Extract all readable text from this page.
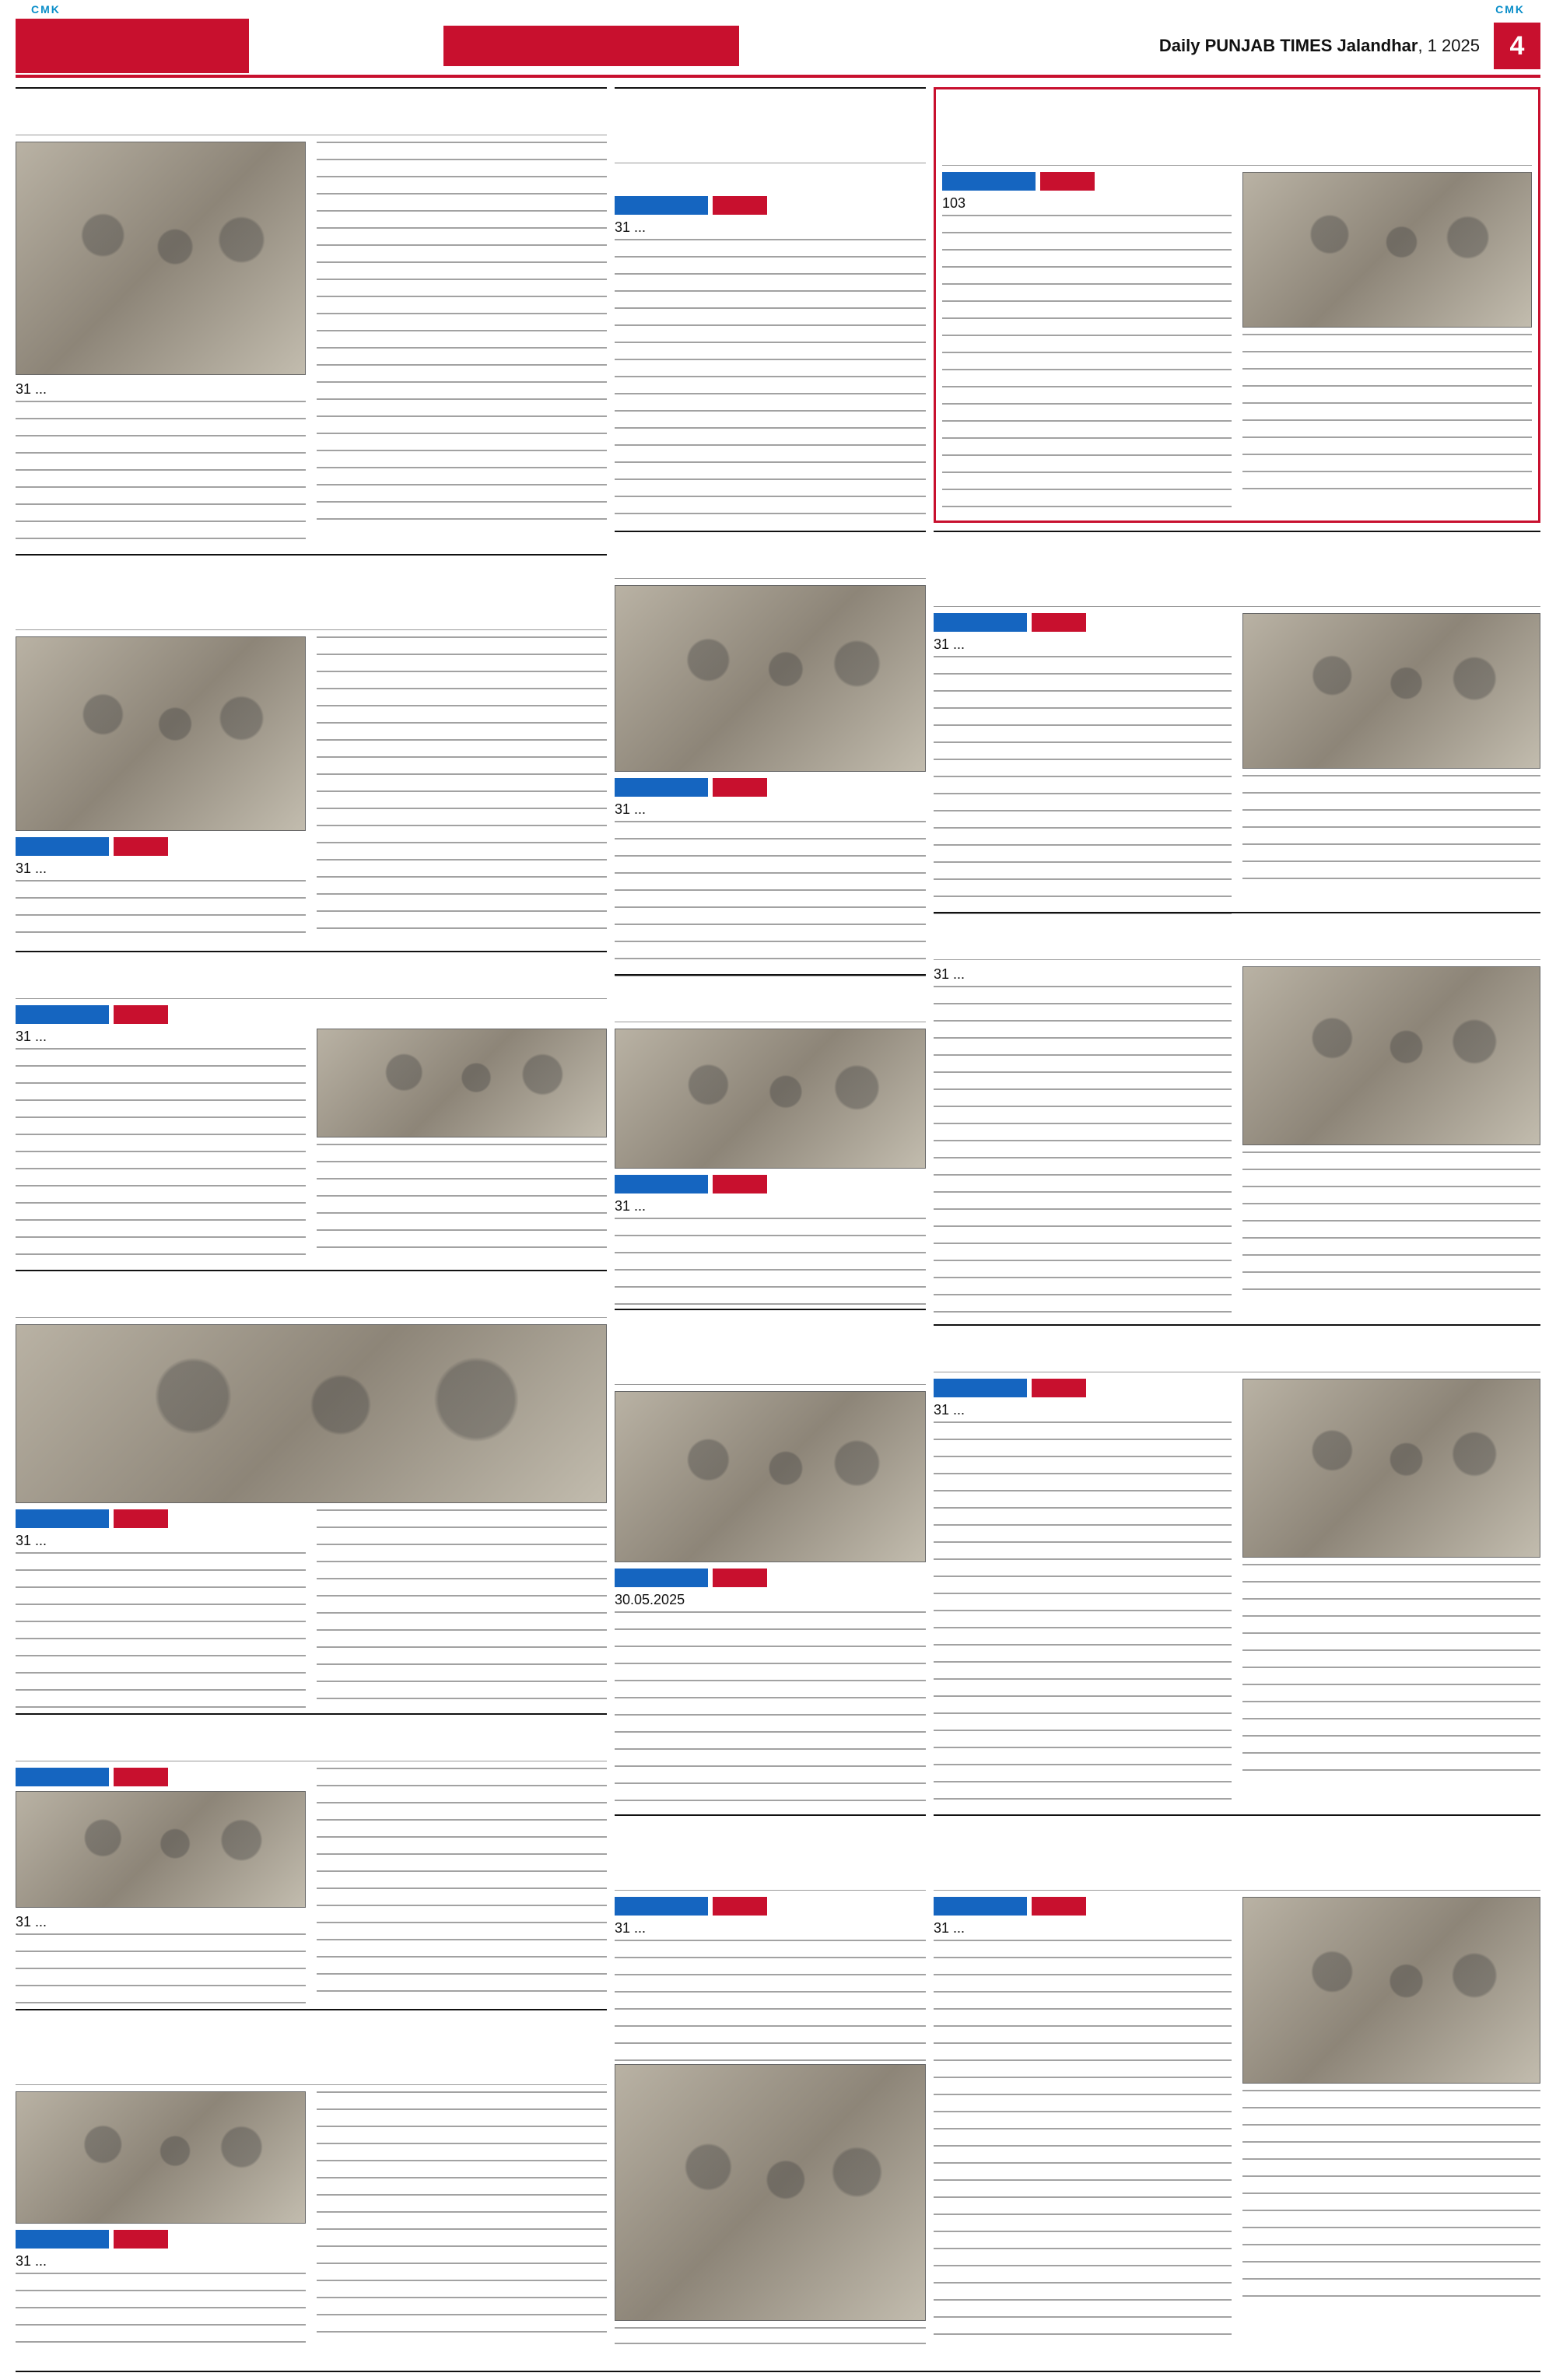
CMK	CMK
Daily PUNJAB TIMES Jalandhar, 1 2025	4
31 ...
31 ...
31 ...
31 ...
31 ...
31 ...
31 ...
31 ...
31 ...
30.05.2025
31 ...
103
31 ...
31 ...
31 ...
31 ...
